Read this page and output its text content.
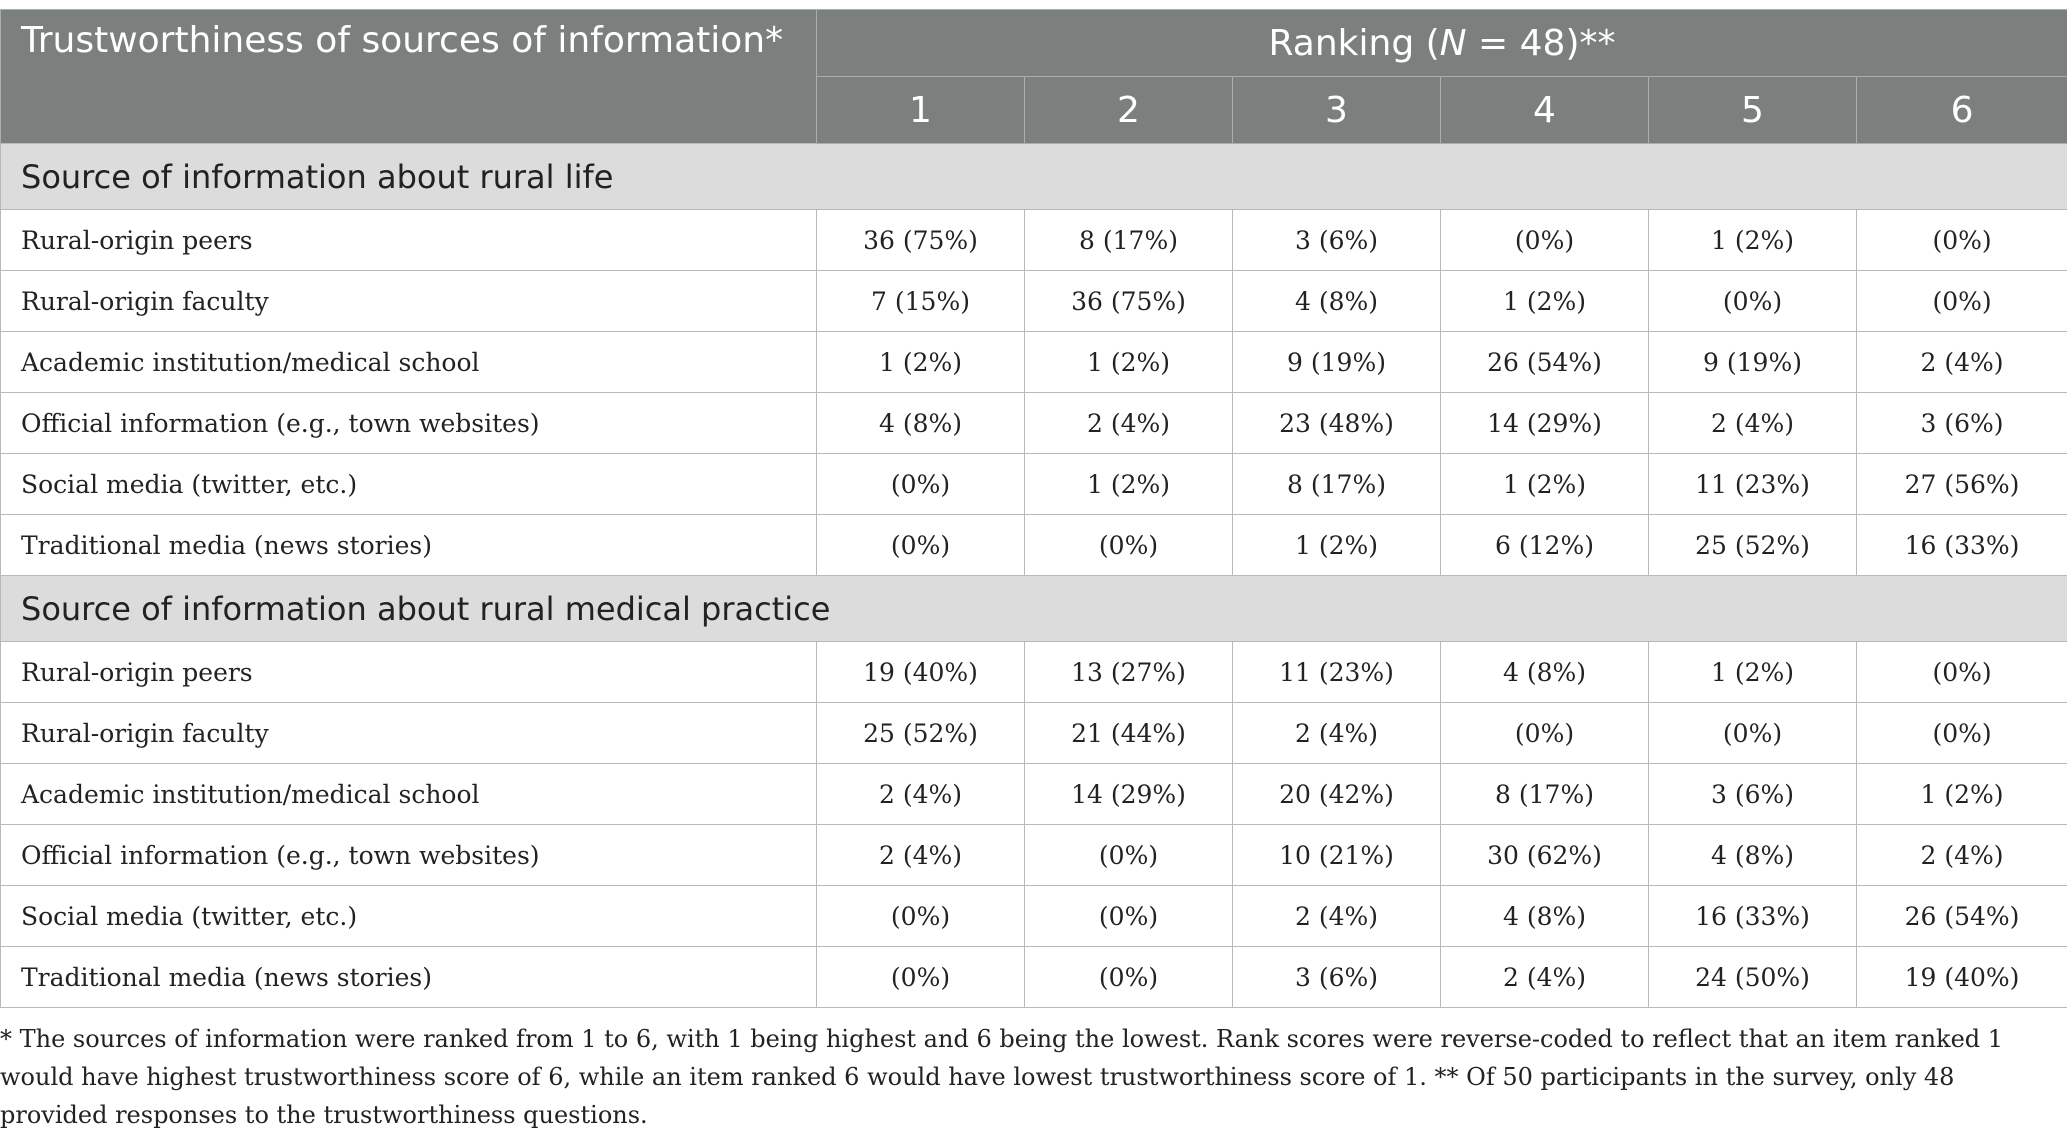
Trustworthiness of sources of information*	Ranking (N = 48)**					
	1	2	3	4	5	6
Source of information about rural life						
Rural-origin peers	36 (75%)	8 (17%)	3 (6%)	(0%)	1 (2%)	(0%)
Rural-origin faculty	7 (15%)	36 (75%)	4 (8%)	1 (2%)	(0%)	(0%)
Academic institution/medical school	1 (2%)	1 (2%)	9 (19%)	26 (54%)	9 (19%)	2 (4%)
Official information (e.g., town websites)	4 (8%)	2 (4%)	23 (48%)	14 (29%)	2 (4%)	3 (6%)
Social media (twitter, etc.)	(0%)	1 (2%)	8 (17%)	1 (2%)	11 (23%)	27 (56%)
Traditional media (news stories)	(0%)	(0%)	1 (2%)	6 (12%)	25 (52%)	16 (33%)
Source of information about rural medical practice						
Rural-origin peers	19 (40%)	13 (27%)	11 (23%)	4 (8%)	1 (2%)	(0%)
Rural-origin faculty	25 (52%)	21 (44%)	2 (4%)	(0%)	(0%)	(0%)
Academic institution/medical school	2 (4%)	14 (29%)	20 (42%)	8 (17%)	3 (6%)	1 (2%)
Official information (e.g., town websites)	2 (4%)	(0%)	10 (21%)	30 (62%)	4 (8%)	2 (4%)
Social media (twitter, etc.)	(0%)	(0%)	2 (4%)	4 (8%)	16 (33%)	26 (54%)
Traditional media (news stories)	(0%)	(0%)	3 (6%)	2 (4%)	24 (50%)	19 (40%)

* The sources of information were ranked from 1 to 6, with 1 being highest and 6 being the lowest. Rank scores were reverse-coded to reflect that an item ranked 1 would have highest trustworthiness score of 6, while an item ranked 6 would have lowest trustworthiness score of 1. ** Of 50 participants in the survey, only 48 provided responses to the trustworthiness questions.
